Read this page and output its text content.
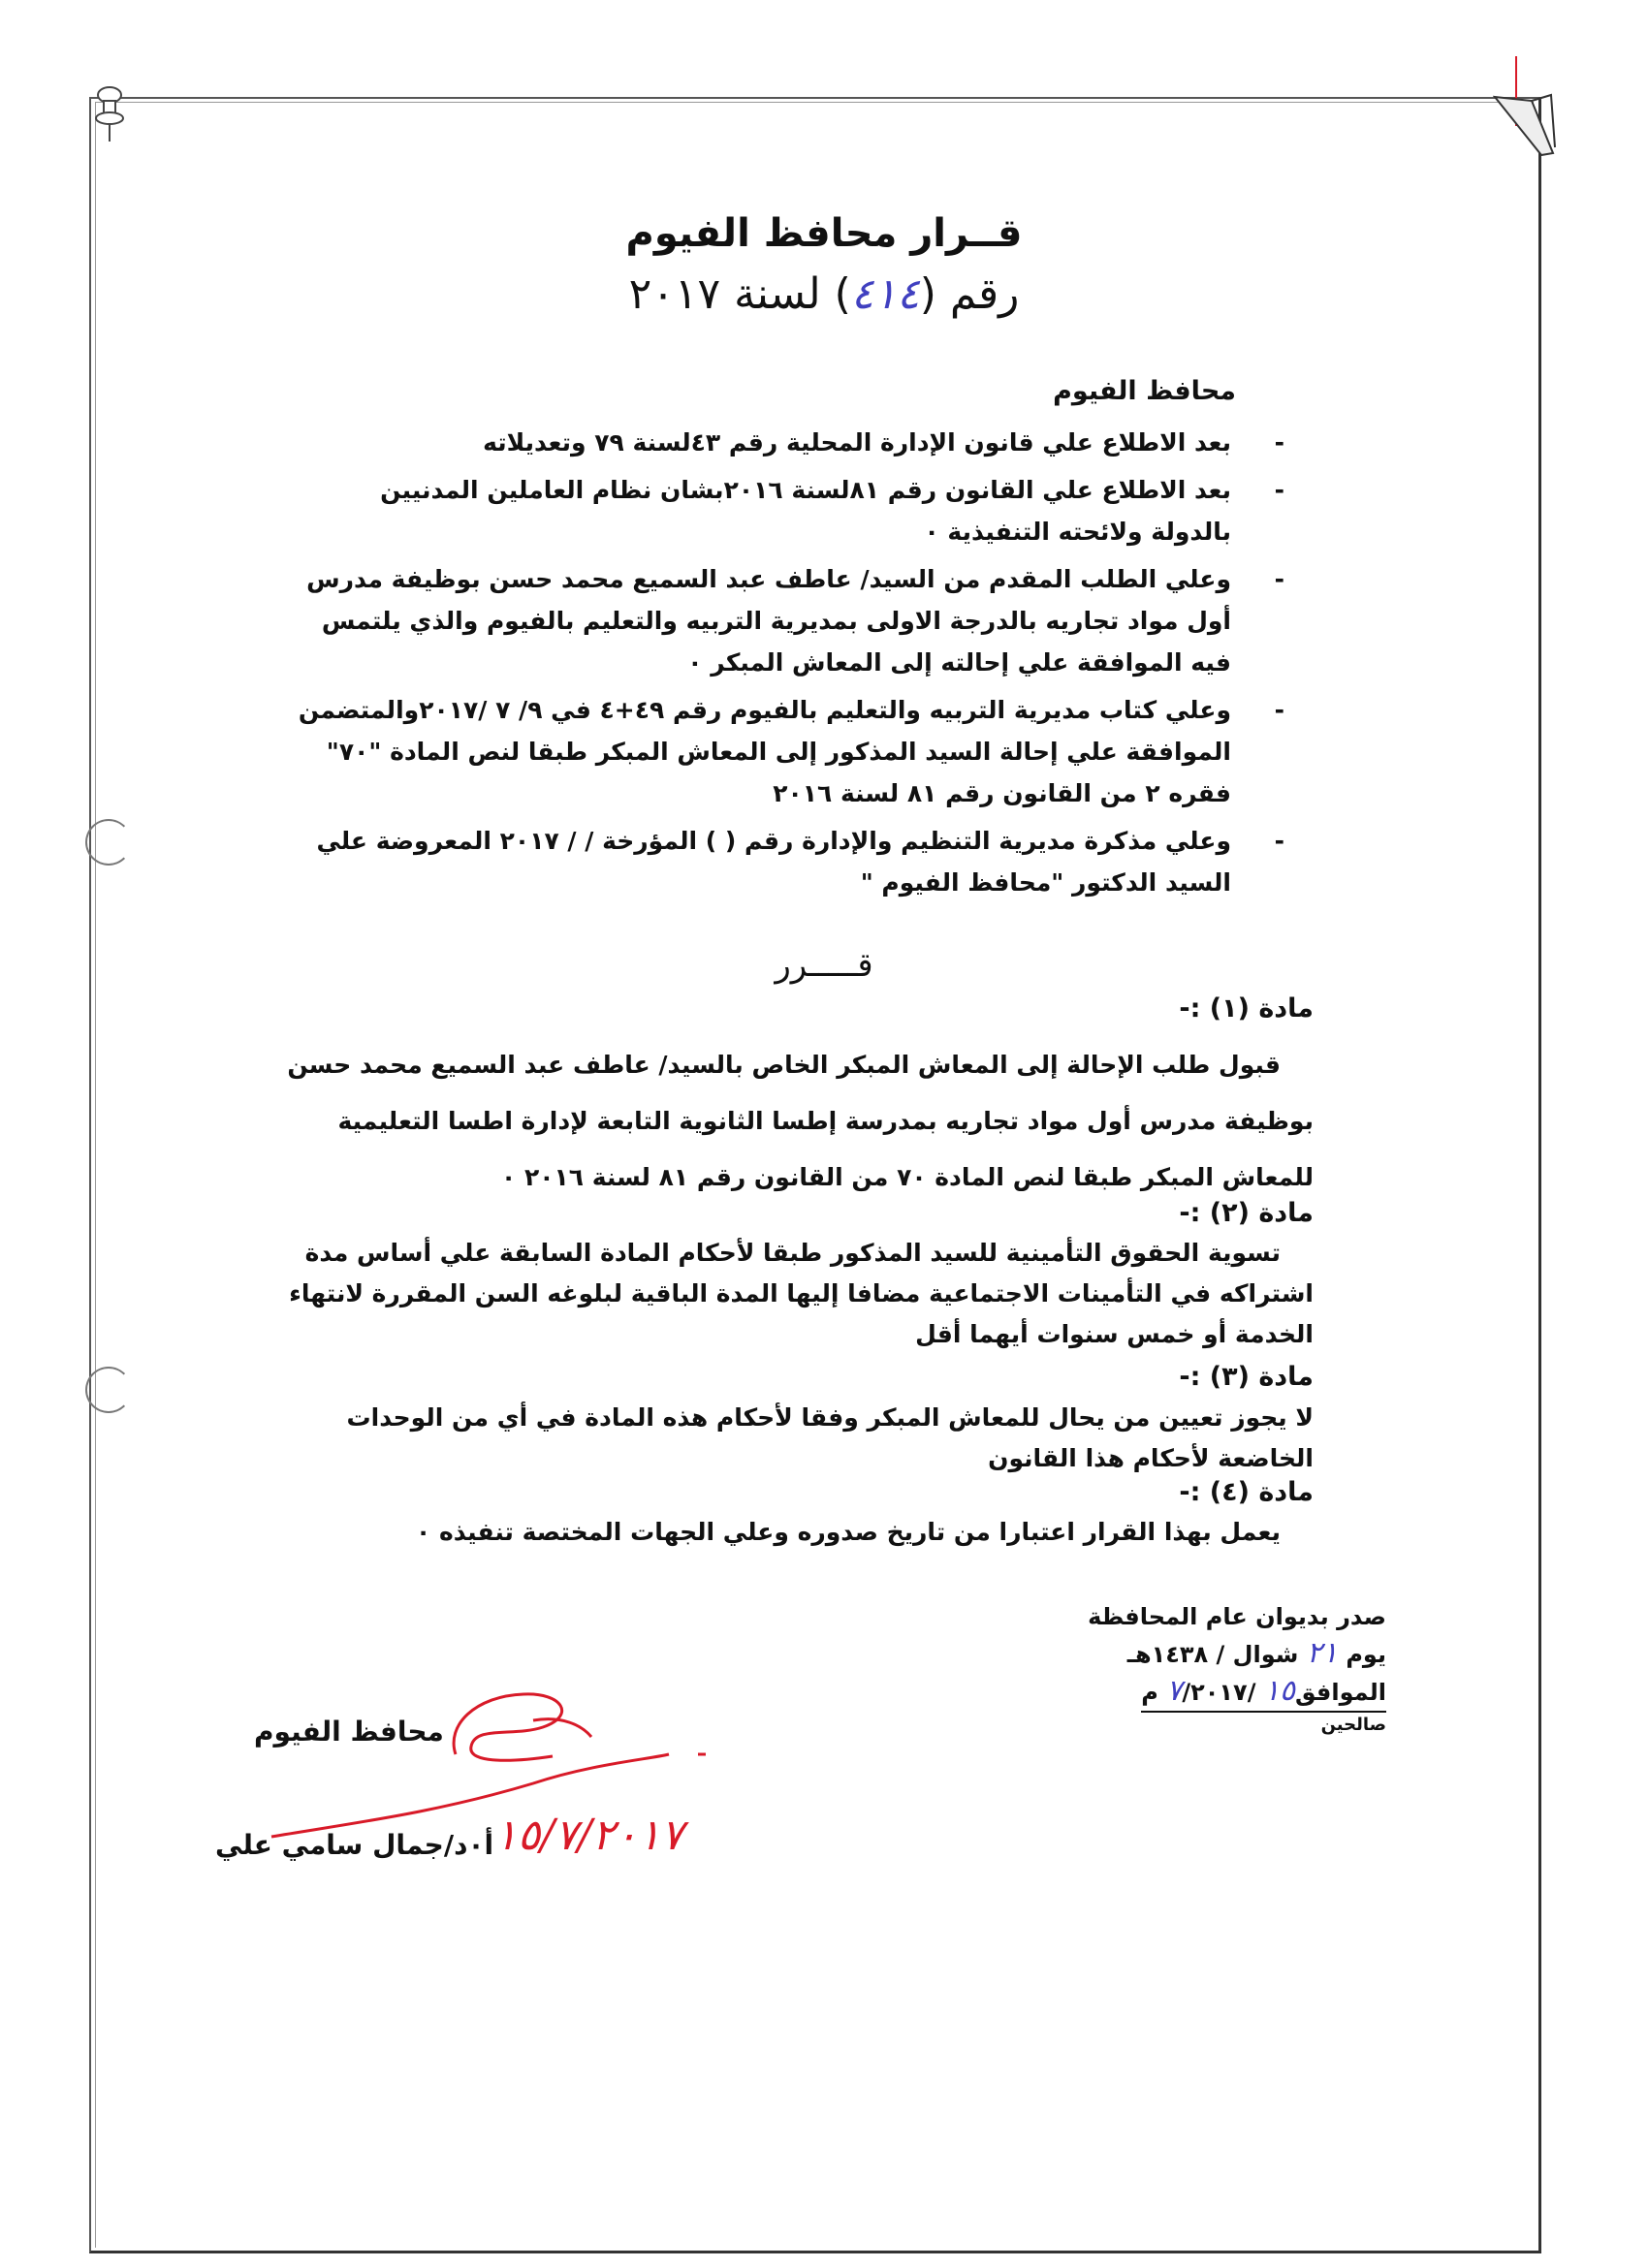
قــرار محافظ الفيوم
رقم (٤١٤) لسنة ٢٠١٧
محافظ الفيوم
-
بعد الاطلاع علي قانون الإدارة المحلية رقم ٤٣لسنة ٧٩ وتعديلاته
-
بعد الاطلاع علي القانون رقم ٨١لسنة ٢٠١٦بشان نظام العاملين المدنيين بالدولة ولائحته التنفيذية ٠
-
وعلي الطلب المقدم من السيد/ عاطف عبد السميع محمد حسن بوظيفة مدرس أول مواد تجاريه بالدرجة الاولى بمديرية التربيه والتعليم بالفيوم والذي يلتمس فيه الموافقة علي إحالته إلى المعاش المبكر ٠
-
وعلي كتاب مديرية التربيه والتعليم بالفيوم رقم ٤٩+٤ في ٩/ ٧ /٢٠١٧والمتضمن الموافقة علي إحالة السيد المذكور إلى المعاش المبكر طبقا لنص المادة "٧٠" فقره ٢ من القانون رقم ٨١ لسنة ٢٠١٦
-
وعلي مذكرة مديرية التنظيم والإدارة رقم ( ) المؤرخة / / ٢٠١٧ المعروضة علي السيد الدكتور "محافظ الفيوم "
قـــــرر
مادة (١) :-
قبول طلب الإحالة إلى المعاش المبكر الخاص بالسيد/ عاطف عبد السميع محمد حسن بوظيفة مدرس أول مواد تجاريه بمدرسة إطسا الثانوية التابعة لإدارة اطسا التعليمية للمعاش المبكر طبقا لنص المادة ٧٠ من القانون رقم ٨١ لسنة ٢٠١٦ ٠
مادة (٢) :-
تسوية الحقوق التأمينية للسيد المذكور طبقا لأحكام المادة السابقة علي أساس مدة اشتراكه في التأمينات الاجتماعية مضافا إليها المدة الباقية لبلوغه السن المقررة لانتهاء الخدمة أو خمس سنوات أيهما أقل
مادة (٣) :-
لا يجوز تعيين من يحال للمعاش المبكر وفقا لأحكام هذه المادة في أي من الوحدات الخاضعة لأحكام هذا القانون
مادة (٤) :-
يعمل بهذا القرار اعتبارا من تاريخ صدوره وعلي الجهات المختصة تنفيذه ٠
صدر بديوان عام المحافظة
يوم ٢١ شوال / ١٤٣٨هـ
الموافق١٥ /٧/٢٠١٧ م
صالحين
محافظ الفيوم
أ٠د/جمال سامي علي ١٥/٧/٢٠١٧
